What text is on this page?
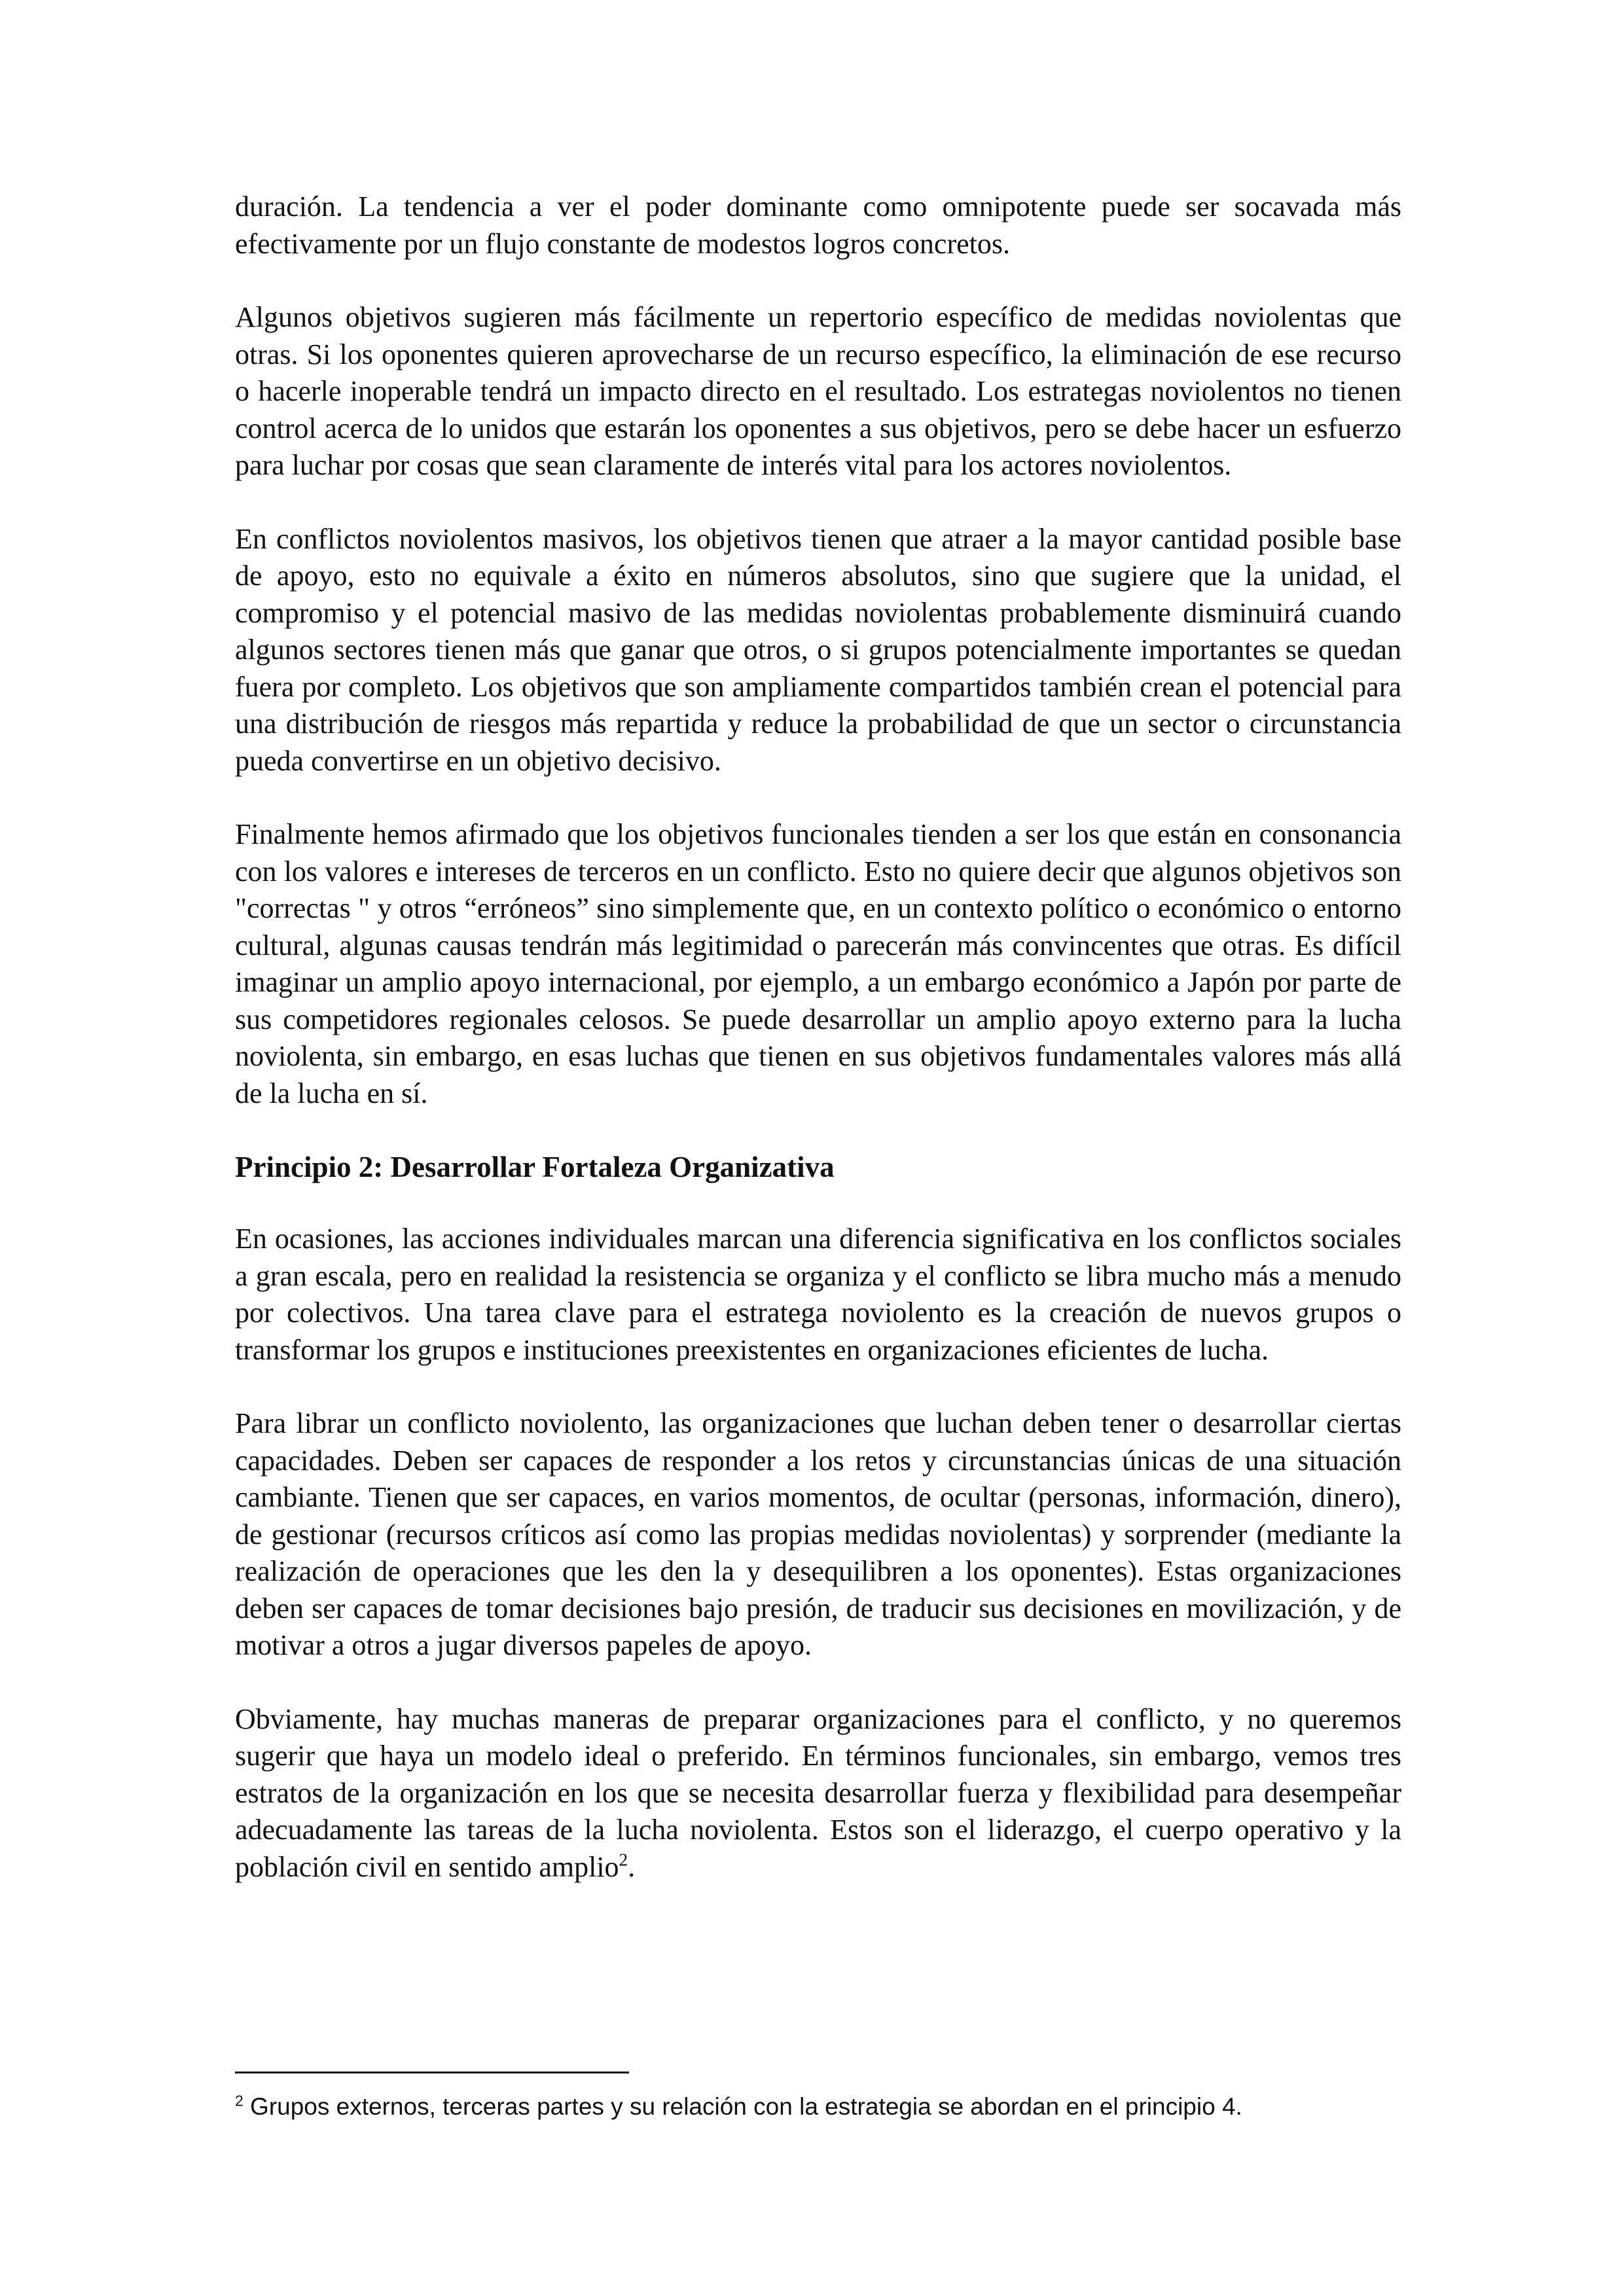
duración. La tendencia a ver el poder dominante como omnipotente puede ser socavada más efectivamente por un flujo constante de modestos logros concretos.

Algunos objetivos sugieren más fácilmente un repertorio específico de medidas noviolentas que otras. Si los oponentes quieren aprovecharse de un recurso específico, la eliminación de ese recurso o hacerle inoperable tendrá un impacto directo en el resultado. Los estrategas noviolentos no tienen control acerca de lo unidos que estarán los oponentes a sus objetivos, pero se debe hacer un esfuerzo para luchar por cosas que sean claramente de interés vital para los actores noviolentos.

En conflictos noviolentos masivos, los objetivos tienen que atraer a la mayor cantidad posible base de apoyo, esto no equivale a éxito en números absolutos, sino que sugiere que la unidad, el compromiso y el potencial masivo de las medidas noviolentas probablemente disminuirá cuando algunos sectores tienen más que ganar que otros, o si grupos potencialmente importantes se quedan fuera por completo. Los objetivos que son ampliamente compartidos también crean el potencial para una distribución de riesgos más repartida y reduce la probabilidad de que un sector o circunstancia pueda convertirse en un objetivo decisivo.

Finalmente hemos afirmado que los objetivos funcionales tienden a ser los que están en consonancia con los valores e intereses de terceros en un conflicto. Esto no quiere decir que algunos objetivos son "correctas " y otros “erróneos” sino simplemente que, en un contexto político o económico o entorno cultural, algunas causas tendrán más legitimidad o parecerán más convincentes que otras. Es difícil imaginar un amplio apoyo internacional, por ejemplo, a un embargo económico a Japón por parte de sus competidores regionales celosos. Se puede desarrollar un amplio apoyo externo para la lucha noviolenta, sin embargo, en esas luchas que tienen en sus objetivos fundamentales valores más allá de la lucha en sí.

Principio 2: Desarrollar Fortaleza Organizativa

En ocasiones, las acciones individuales marcan una diferencia significativa en los conflictos sociales a gran escala, pero en realidad la resistencia se organiza y el conflicto se libra mucho más a menudo por colectivos. Una tarea clave para el estratega noviolento es la creación de nuevos grupos o transformar los grupos e instituciones preexistentes en organizaciones eficientes de lucha.

Para librar un conflicto noviolento, las organizaciones que luchan deben tener o desarrollar ciertas capacidades. Deben ser capaces de responder a los retos y circunstancias únicas de una situación cambiante. Tienen que ser capaces, en varios momentos, de ocultar (personas, información, dinero), de gestionar (recursos críticos así como las propias medidas noviolentas) y sorprender (mediante la realización de operaciones que les den la y desequilibren a los oponentes). Estas organizaciones deben ser capaces de tomar decisiones bajo presión, de traducir sus decisiones en movilización, y de motivar a otros a jugar diversos papeles de apoyo.

Obviamente, hay muchas maneras de preparar organizaciones para el conflicto, y no queremos sugerir que haya un modelo ideal o preferido. En términos funcionales, sin embargo, vemos tres estratos de la organización en los que se necesita desarrollar fuerza y flexibilidad para desempeñar adecuadamente las tareas de la lucha noviolenta. Estos son el liderazgo, el cuerpo operativo y la población civil en sentido amplio$^2$.

$^2$ Grupos externos, terceras partes y su relación con la estrategia se abordan en el principio 4.
